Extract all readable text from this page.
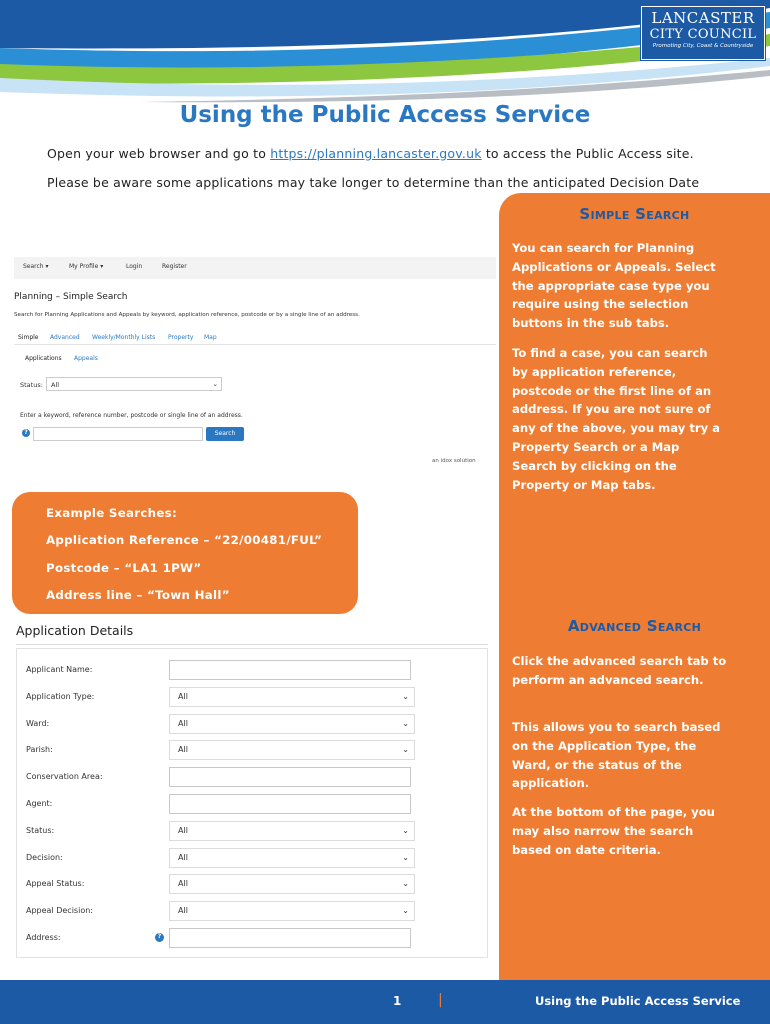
LANCASTER
CITY COUNCIL
Promoting City, Coast & Countryside
Using the Public Access Service

Open your web browser and go to https://planning.lancaster.gov.uk to access the Public Access site.

Please be aware some applications may take longer to determine than the anticipated Decision Date

Simple Search
You can search for Planning Applications or Appeals. Select the appropriate case type you require using the selection buttons in the sub tabs.
To find a case, you can search by application reference, postcode or the first line of an address. If you are not sure of any of the above, you may try a Property Search or a Map Search by clicking on the Property or Map tabs.
Advanced Search
Click the advanced search tab to perform an advanced search.
This allows you to search based on the Application Type, the Ward, or the status of the application.
At the bottom of the page, you may also narrow the search based on date criteria.
Search ▾	My Profile ▾	Login	Register
Planning – Simple Search
Search for Planning Applications and Appeals by keyword, application reference, postcode or by a single line of an address.
Simple Advanced Weekly/Monthly Lists Property Map
Applications Appeals
Status: All	⌄
Enter a keyword, reference number, postcode or single line of an address.
?	Search
an idox solution
Example Searches:
Application Reference – “22/00481/FUL”
Postcode – “LA1 1PW”
Address line – “Town Hall”
Application Details
Applicant Name:
Application Type:	All	⌄
Ward:	All	⌄
Parish:	All	⌄
Conservation Area:
Agent:
Status:	All	⌄
Decision:	All	⌄
Appeal Status:	All	⌄
Appeal Decision:	All	⌄
Address:	?
1	|	Using the Public Access Service
